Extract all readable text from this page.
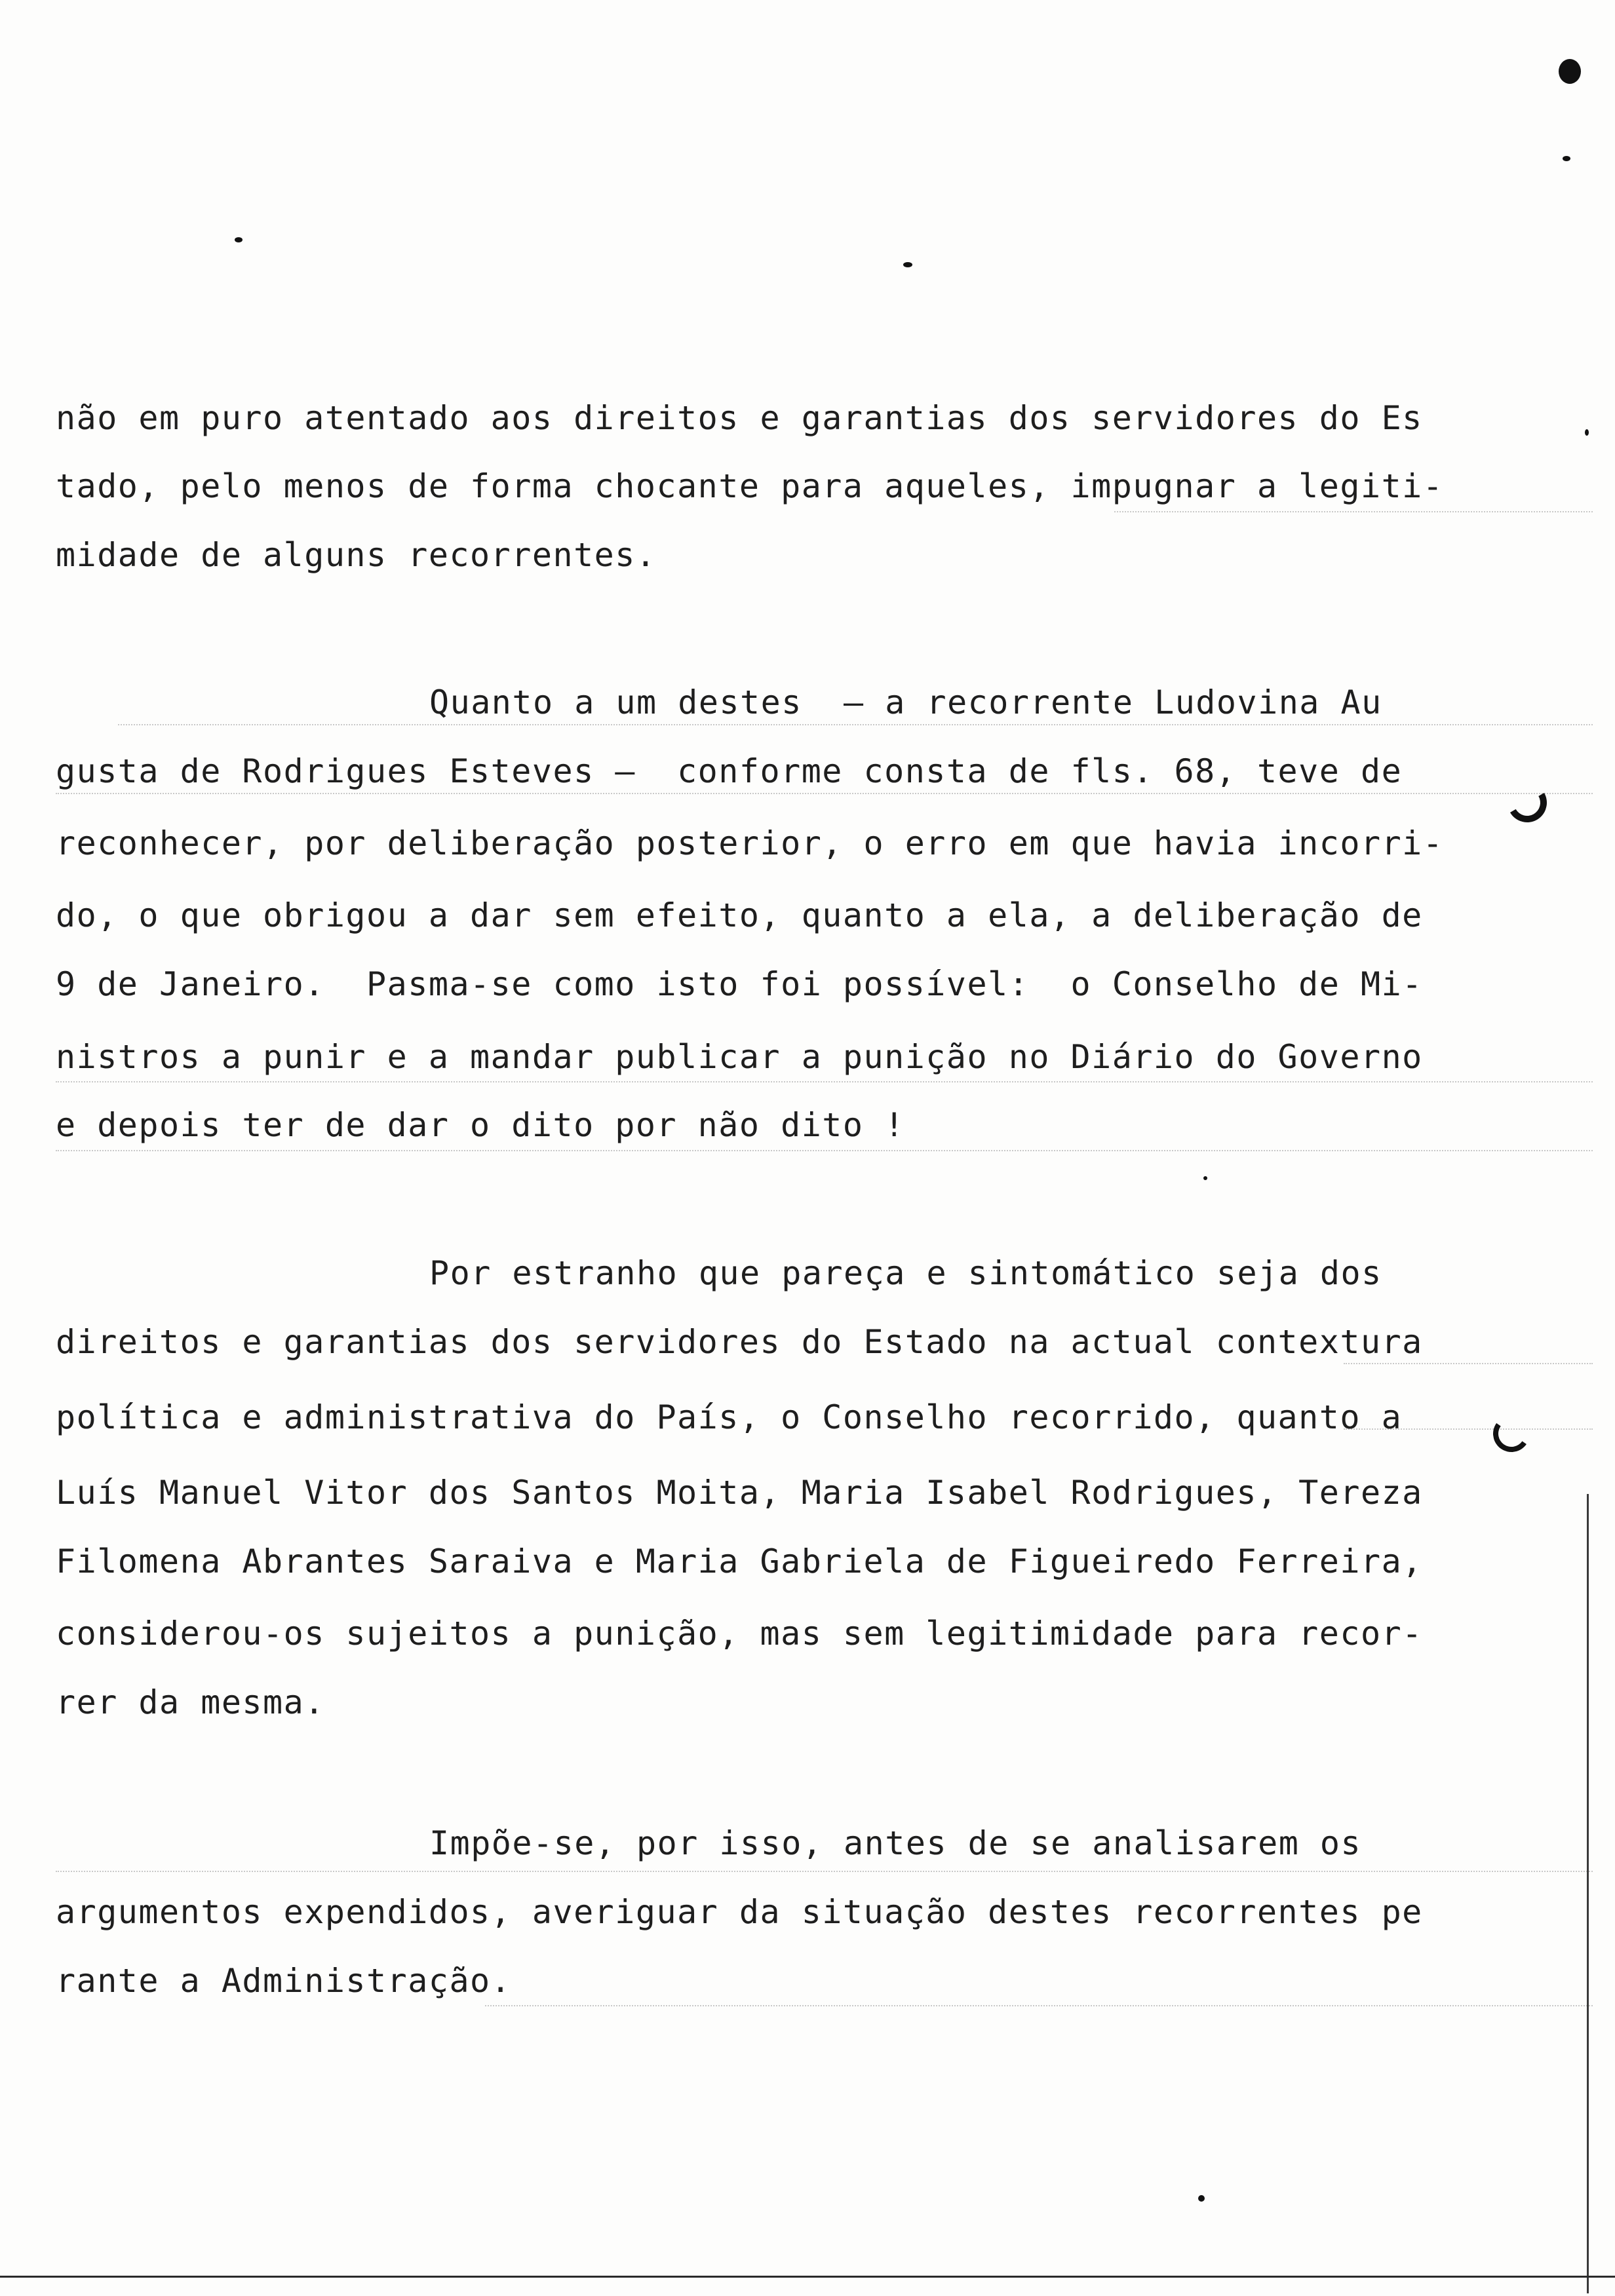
não em puro atentado aos direitos e garantias dos servidores do Es
tado, pelo menos de forma chocante para aqueles, impugnar a legiti-
midade de alguns recorrentes.
Quanto a um destes  — a recorrente Ludovina Au
gusta de Rodrigues Esteves —  conforme consta de fls. 68, teve de
reconhecer, por deliberação posterior, o erro em que havia incorri-
do, o que obrigou a dar sem efeito, quanto a ela, a deliberação de
9 de Janeiro.  Pasma-se como isto foi possível:  o Conselho de Mi-
nistros a punir e a mandar publicar a punição no Diário do Governo
e depois ter de dar o dito por não dito !
Por estranho que pareça e sintomático seja dos
direitos e garantias dos servidores do Estado na actual contextura
política e administrativa do País, o Conselho recorrido, quanto a
Luís Manuel Vitor dos Santos Moita, Maria Isabel Rodrigues, Tereza
Filomena Abrantes Saraiva e Maria Gabriela de Figueiredo Ferreira,
considerou-os sujeitos a punição, mas sem legitimidade para recor-
rer da mesma.
Impõe-se, por isso, antes de se analisarem os
argumentos expendidos, averiguar da situação destes recorrentes pe
rante a Administração.
